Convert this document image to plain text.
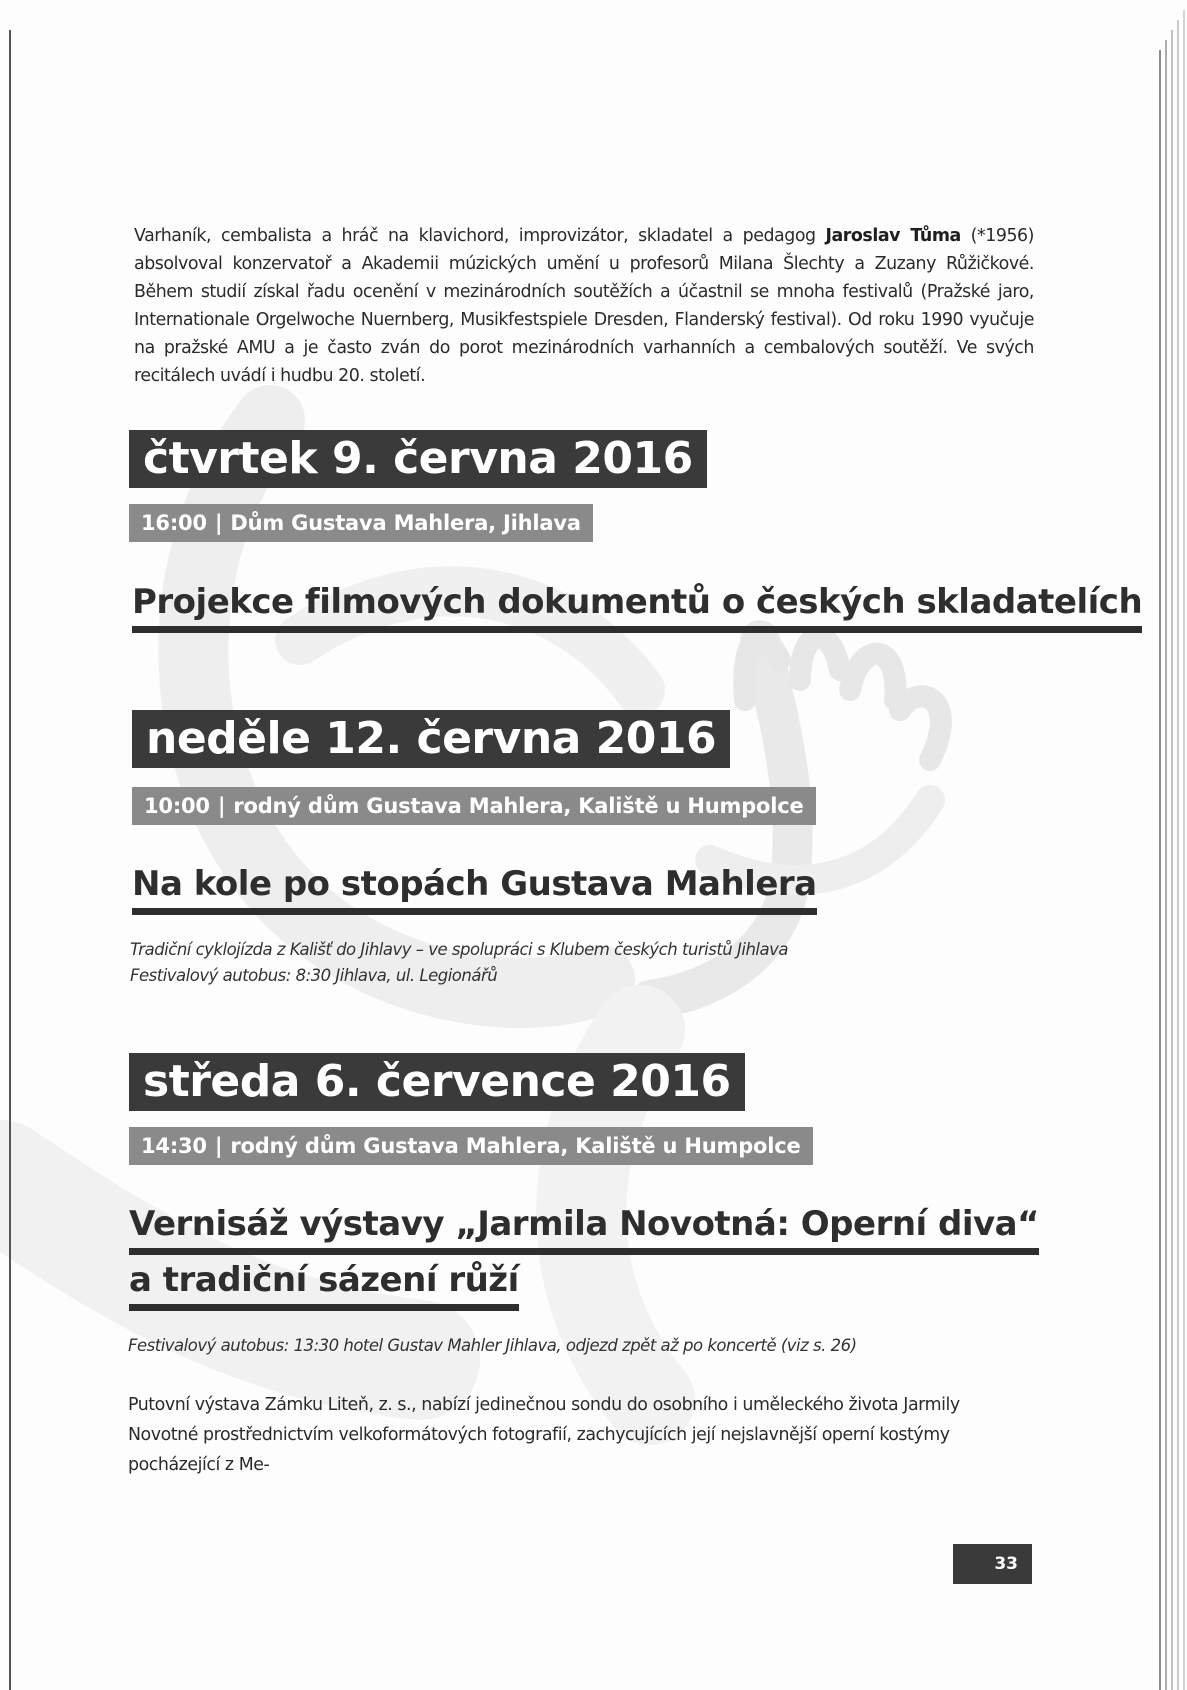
Varhaník, cembalista a hráč na klavichord, improvizátor, skladatel a pedagog Jaroslav Tůma (*1956) absolvoval konzervatoř a Akademii múzických umění u profesorů Milana Šlechty a Zuzany Růžičkové. Během studií získal řadu ocenění v mezinárodních soutěžích a účastnil se mnoha festivalů (Pražské jaro, Internationale Orgelwoche Nuernberg, Musikfestspiele Dresden, Flanderský festival). Od roku 1990 vyučuje na pražské AMU a je často zván do porot mezinárodních varhanních a cembalových soutěží. Ve svých recitálech uvádí i hudbu 20. století.
čtvrtek 9. června 2016
16:00 | Dům Gustava Mahlera, Jihlava
Projekce filmových dokumentů o českých skladatelích
neděle 12. června 2016
10:00 | rodný dům Gustava Mahlera, Kaliště u Humpolce
Na kole po stopách Gustava Mahlera
Tradiční cyklojízda z Kališť do Jihlavy – ve spolupráci s Klubem českých turistů Jihlava
Festivalový autobus: 8:30 Jihlava, ul. Legionářů
středa 6. července 2016
14:30 | rodný dům Gustava Mahlera, Kaliště u Humpolce
Vernisáž výstavy „Jarmila Novotná: Operní diva“
a tradiční sázení růží
Festivalový autobus: 13:30 hotel Gustav Mahler Jihlava, odjezd zpět až po koncertě (viz s. 26)
Putovní výstava Zámku Liteň, z. s., nabízí jedinečnou sondu do osobního i uměleckého života Jarmily Novotné prostřednictvím velkoformátových fotografií, zachycujících její nejslavnější operní kostýmy pocházející z Me-
33
